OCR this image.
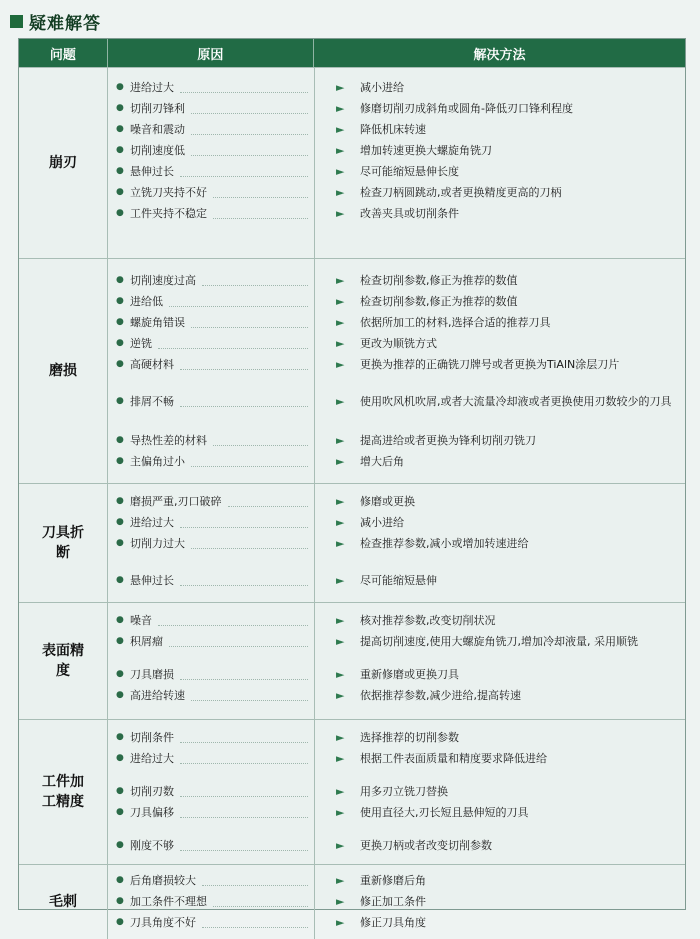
疑难解答
问题	原因	解决方法
崩刃
● 进给过大	►	减小进给
● 切削刃锋利	►	修磨切削刃成斜角或圆角-降低刃口锋利程度
● 噪音和震动	►	降低机床转速
● 切削速度低	►	增加转速更换大螺旋角铣刀
● 悬伸过长	►	尽可能缩短悬伸长度
● 立铣刀夹持不好	►	检查刀柄圆跳动,或者更换精度更高的刀柄
● 工件夹持不稳定	►	改善夹具或切削条件
磨损
● 切削速度过高	►	检查切削参数,修正为推荐的数值
● 进给低	►	检查切削参数,修正为推荐的数值
● 螺旋角错误	►	依据所加工的材料,选择合适的推荐刀具
● 逆铣	►	更改为顺铣方式
● 高硬材料	►	更换为推荐的正确铣刀牌号或者更换为TiAlN涂层刀片
● 排屑不畅	►	使用吹风机吹屑,或者大流量冷却液或者更换使用刃数较少的刀具
● 导热性差的材料	►	提高进给或者更换为锋利切削刃铣刀
● 主偏角过小	►	增大后角
刀具折断
● 磨损严重,刃口破碎	►	修磨或更换
● 进给过大	►	减小进给
● 切削力过大	►	检查推荐参数,减小或增加转速进给
● 悬伸过长	►	尽可能缩短悬伸
表面精度
● 噪音	►	核对推荐参数,改变切削状况
● 积屑瘤	►	提高切削速度,使用大螺旋角铣刀,增加冷却液量, 采用顺铣
● 刀具磨损	►	重新修磨或更换刀具
● 高进给转速	►	依据推荐参数,减少进给,提高转速
工件加工精度
● 切削条件	►	选择推荐的切削参数
● 进给过大	►	根据工件表面质量和精度要求降低进给
● 切削刃数	►	用多刃立铣刀替换
● 刀具偏移	►	使用直径大,刃长短且悬伸短的刀具
● 刚度不够	►	更换刀柄或者改变切削参数
毛刺
● 后角磨损较大	►	重新修磨后角
● 加工条件不理想	►	修正加工条件
● 刀具角度不好	►	修正刀具角度
